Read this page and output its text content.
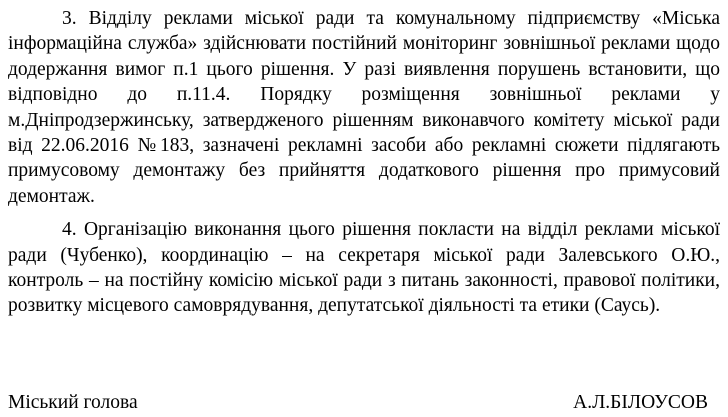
3. Відділу реклами міської ради та комунальному підприємству «Міська інформаційна служба» здійснювати постійний моніторинг зовнішньої реклами щодо додержання вимог п.1 цього рішення. У разі виявлення порушень встановити, що відповідно до п.11.4. Порядку розміщення зовнішньої реклами у м.Дніпродзержинську, затвердженого рішенням виконавчого комітету міської ради від 22.06.2016 №183, зазначені рекламні засоби або рекламні сюжети підлягають примусовому демонтажу без прийняття додаткового рішення про примусовий демонтаж.

4. Організацію виконання цього рішення покласти на відділ реклами міської ради (Чубенко), координацію – на секретаря міської ради Залевського О.Ю., контроль – на постійну комісію міської ради з питань законності, правової політики, розвитку місцевого самоврядування, депутатської діяльності та етики (Саусь).

Міський голова	А.Л.БІЛОУСОВ
